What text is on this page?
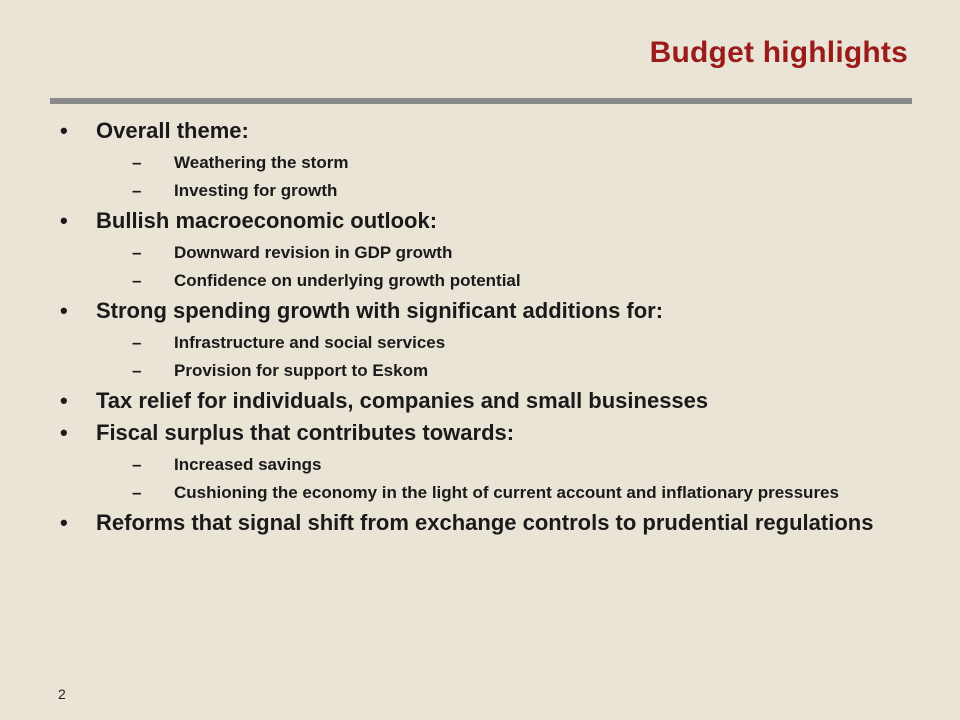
Budget highlights
•	Overall theme:
–	Weathering the storm
–	Investing for growth
•	Bullish macroeconomic outlook:
–	Downward revision in GDP growth
–	Confidence on underlying growth potential
•	Strong spending growth with significant additions for:
–	Infrastructure and social services
–	Provision for support to Eskom
•	Tax relief for individuals, companies and small businesses
•	Fiscal surplus that contributes towards:
–	Increased savings
–	Cushioning the economy in the light of current account and inflationary pressures
•	Reforms that signal shift from exchange controls to prudential regulations
2
